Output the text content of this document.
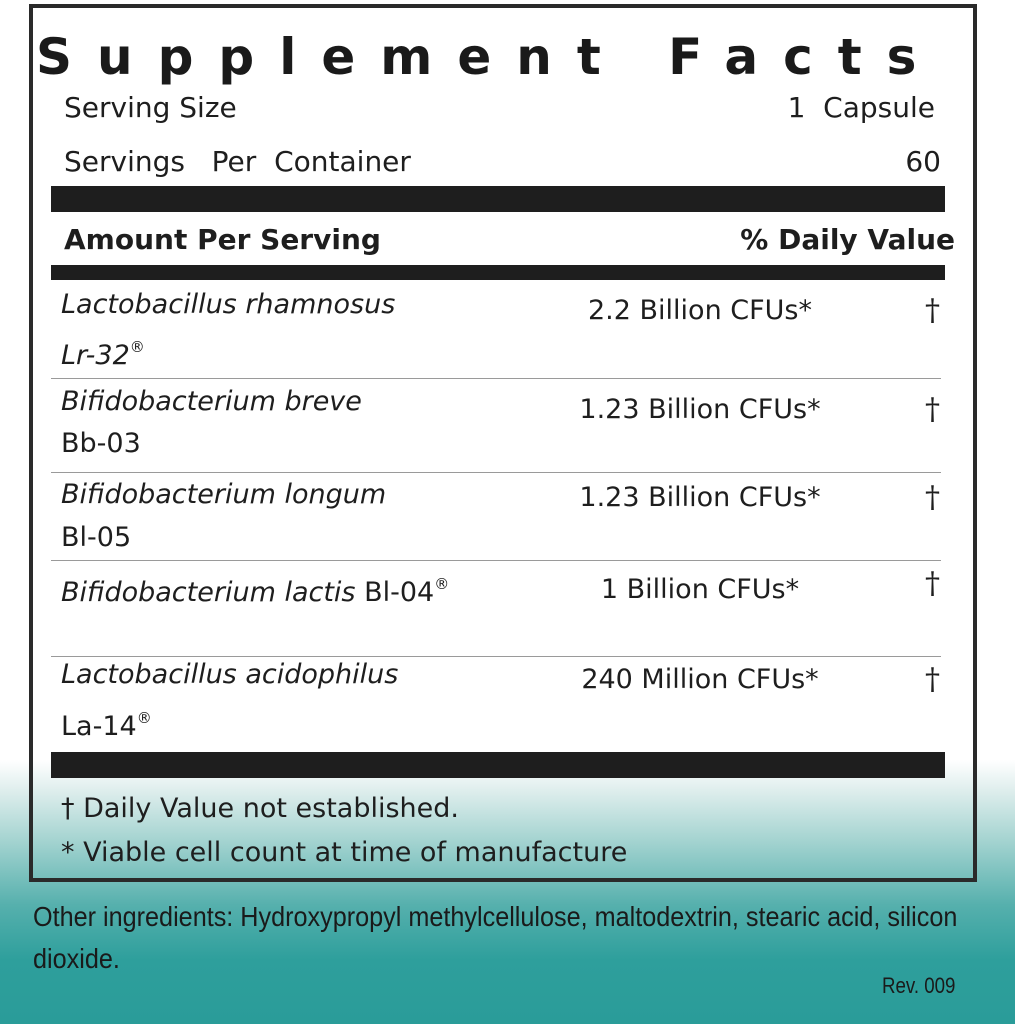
Supplement Facts
Serving Size	1  Capsule
Servings   Per  Container	60
Amount Per Serving	% Daily Value
Lactobacillus rhamnosus
Lr-32®
2.2 Billion CFUs*	†
Bifidobacterium breve
Bb-03
1.23 Billion CFUs*	†
Bifidobacterium longum
Bl-05
1.23 Billion CFUs*	†
Bifidobacterium lactis Bl-04®	1 Billion CFUs*	†
Lactobacillus acidophilus
La-14®
240 Million CFUs*	†
† Daily Value not established.
* Viable cell count at time of manufacture
Other ingredients: Hydroxypropyl methylcellulose, maltodextrin, stearic acid, silicon dioxide.
Rev. 009
